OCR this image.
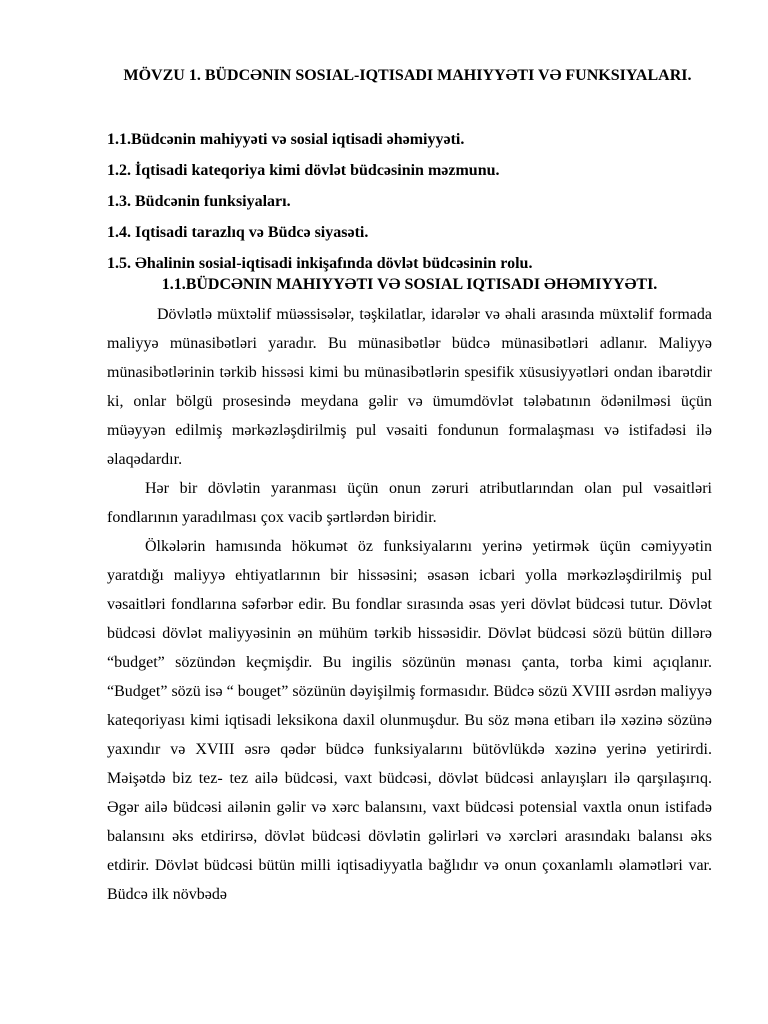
MÖVZU 1. BÜDCƏNIN SOSIAL-IQTISADI MAHIYYƏTI VƏ FUNKSIYALARI.
1.1.Büdcənin mahiyyəti və sosial iqtisadi əhəmiyyəti.
1.2. İqtisadi kateqoriya kimi dövlət büdcəsinin məzmunu.
1.3. Büdcənin funksiyaları.
1.4. Iqtisadi tarazlıq və Büdcə siyasəti.
1.5. Əhalinin sosial-iqtisadi inkişafında dövlət büdcəsinin rolu.
1.1.BÜDCƏNIN MAHIYYƏTI VƏ SOSIAL IQTISADI ƏHƏMIYYƏTI.

Dövlətlə müxtəlif müəssisələr, təşkilatlar, idarələr və əhali arasında müxtəlif formada maliyyə münasibətləri yaradır. Bu münasibətlər büdcə münasibətləri adlanır. Maliyyə münasibətlərinin tərkib hissəsi kimi bu münasibətlərin spesifik xüsusiyyətləri ondan ibarətdir ki, onlar bölgü prosesində meydana gəlir və ümumdövlət tələbatının ödənilməsi üçün müəyyən edilmiş mərkəzləşdirilmiş pul vəsaiti fondunun formalaşması və istifadəsi ilə əlaqədardır.

Hər bir dövlətin yaranması üçün onun zəruri atributlarından olan pul vəsaitləri fondlarının yaradılması çox vacib şərtlərdən biridir.

Ölkələrin hamısında hökumət öz funksiyalarını yerinə yetirmək üçün cəmiyyətin yaratdığı maliyyə ehtiyatlarının bir hissəsini; əsasən icbari yolla mərkəzləşdirilmiş pul vəsaitləri fondlarına səfərbər edir. Bu fondlar sırasında əsas yeri dövlət büdcəsi tutur. Dövlət büdcəsi dövlət maliyyəsinin ən mühüm tərkib hissəsidir. Dövlət büdcəsi sözü bütün dillərə “budget” sözündən keçmişdir. Bu ingilis sözünün mənası çanta, torba kimi açıqlanır. “Budget” sözü isə “ bouget” sözünün dəyişilmiş formasıdır. Büdcə sözü XVIII əsrdən maliyyə kateqoriyası kimi iqtisadi leksikona daxil olunmuşdur. Bu söz məna etibarı ilə xəzinə sözünə yaxındır və XVIII əsrə qədər büdcə funksiyalarını bütövlükdə xəzinə yerinə yetirirdi. Məişətdə biz tez- tez ailə büdcəsi, vaxt büdcəsi, dövlət büdcəsi anlayışları ilə qarşılaşırıq. Əgər ailə büdcəsi ailənin gəlir və xərc balansını, vaxt büdcəsi potensial vaxtla onun istifadə balansını əks etdirirsə, dövlət büdcəsi dövlətin gəlirləri və xərcləri arasındakı balansı əks etdirir. Dövlət büdcəsi bütün milli iqtisadiyyatla bağlıdır və onun çoxanlamlı əlamətləri var. Büdcə ilk növbədə
